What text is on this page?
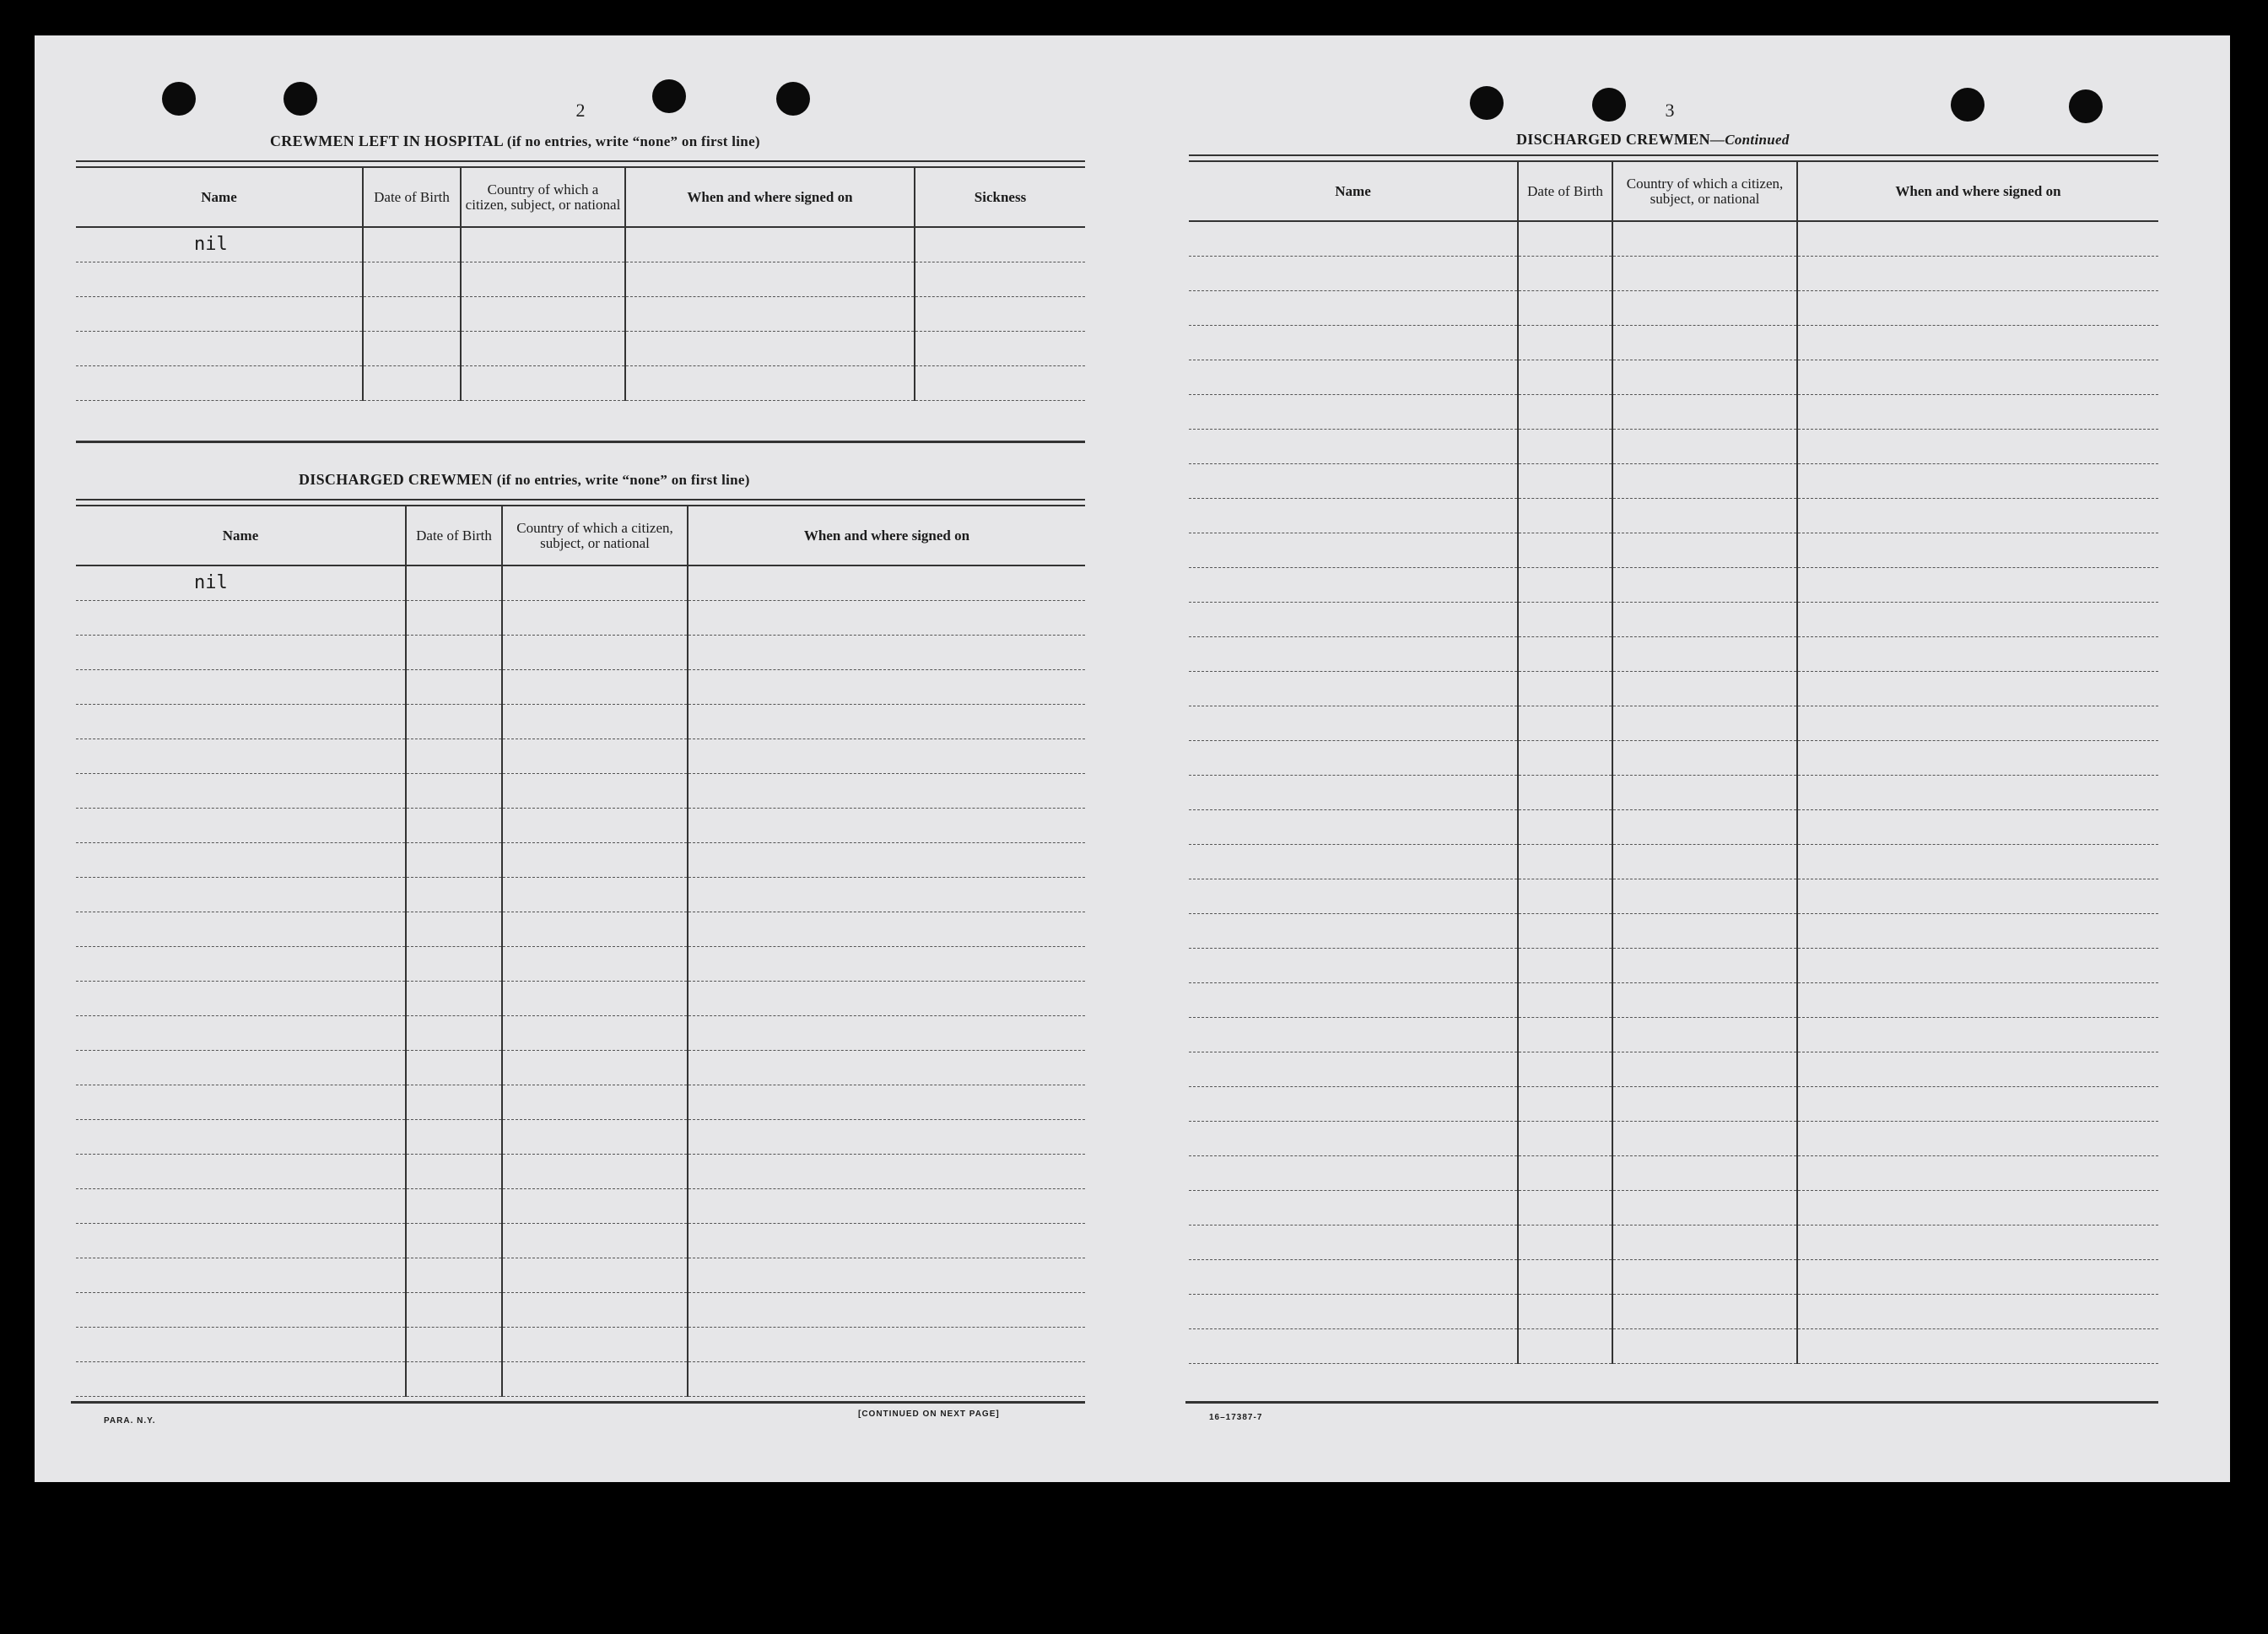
2
CREWMEN LEFT IN HOSPITAL (if no entries, write “none” on first line)
Name	Date of Birth	Country of which a citizen, subject, or national	When and where signed on	Sickness
nil				

DISCHARGED CREWMEN (if no entries, write “none” on first line)
Name	Date of Birth	Country of which a citizen, subject, or national	When and where signed on
nil			

PARA. N.Y.
[CONTINUED ON NEXT PAGE]
3
DISCHARGED CREWMEN—Continued
Name	Date of Birth	Country of which a citizen, subject, or national	When and where signed on

16–17387-7
